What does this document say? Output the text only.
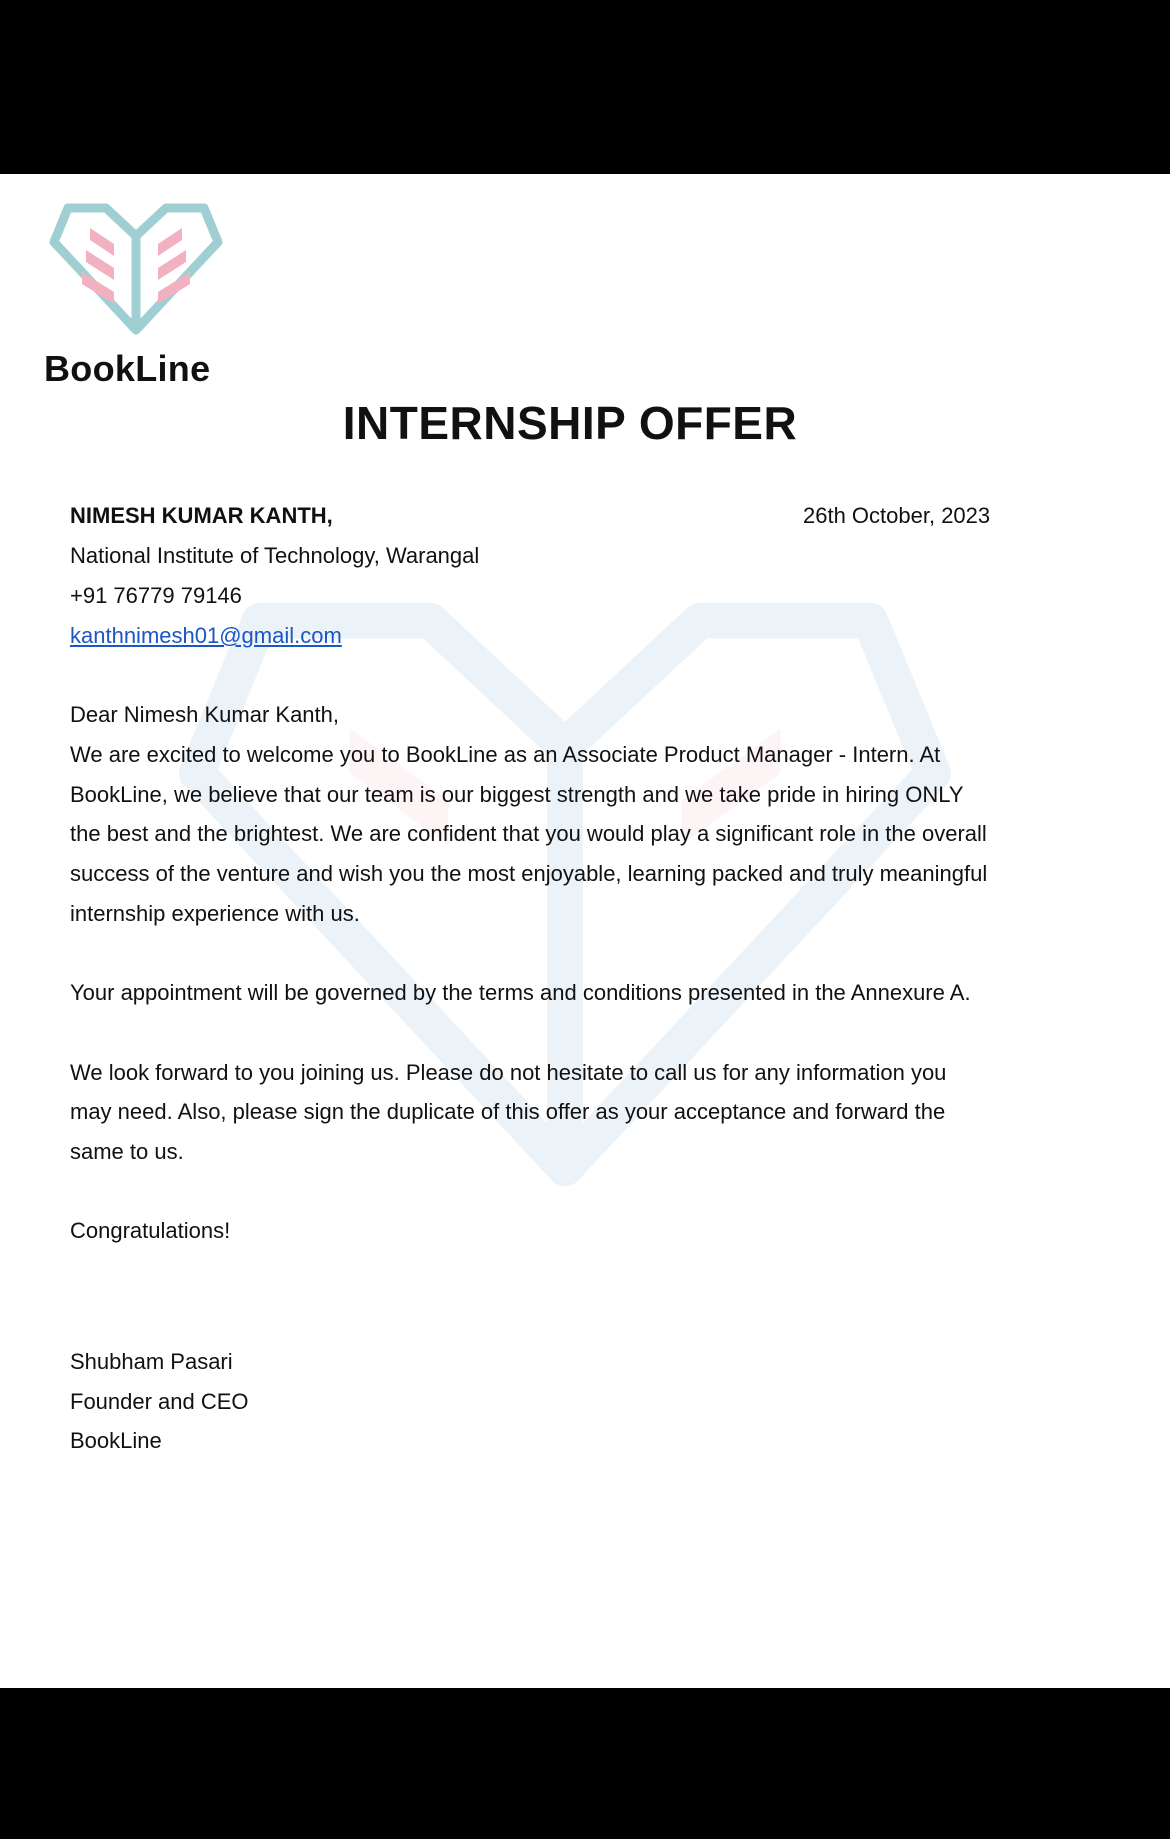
BookLine
INTERNSHIP OFFER
NIMESH KUMAR KANTH,	26th October, 2023
National Institute of Technology, Warangal
+91 76779 79146
kanthnimesh01@gmail.com
Dear Nimesh Kumar Kanth,
We are excited to welcome you to BookLine as an Associate Product Manager - Intern. At
BookLine, we believe that our team is our biggest strength and we take pride in hiring ONLY
the best and the brightest. We are confident that you would play a significant role in the overall
success of the venture and wish you the most enjoyable, learning packed and truly meaningful
internship experience with us.
Your appointment will be governed by the terms and conditions presented in the Annexure A.
We look forward to you joining us. Please do not hesitate to call us for any information you
may need. Also, please sign the duplicate of this offer as your acceptance and forward the
same to us.
Congratulations!
Shubham Pasari
Founder and CEO
BookLine
